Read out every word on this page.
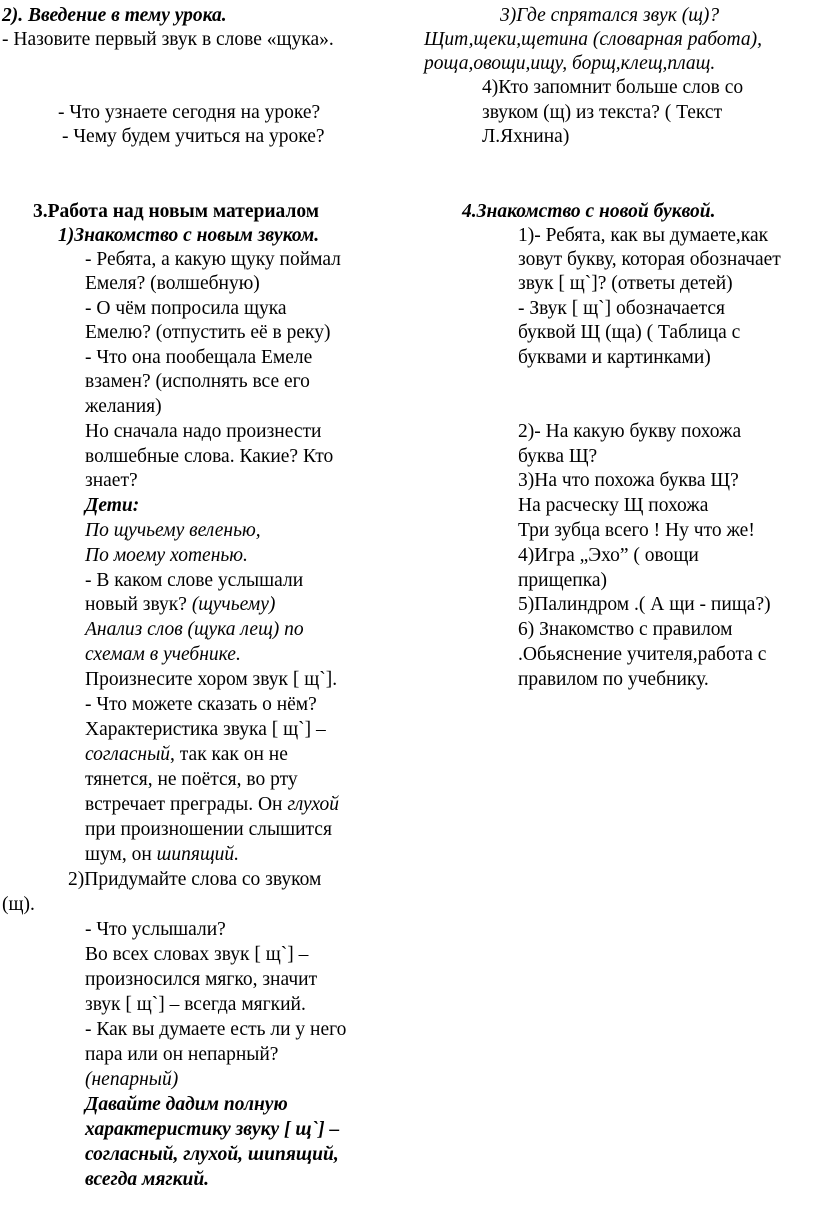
2). Введение в тему урока.
- Назовите первый звук в слове «щука».
- Что узнаете сегодня на уроке?
- Чему будем учиться на уроке?
3.Работа над новым материалом
1)Знакомство с новым звуком.
- Ребята, а какую щуку поймал
Емеля? (волшебную)
- О чём попросила щука
Емелю? (отпустить её в реку)
- Что она пообещала Емеле
взамен? (исполнять все его
желания)
Но сначала надо произнести
волшебные слова. Какие? Кто
знает?
Дети:
По щучьему веленью,
По моему хотенью.
- В каком слове услышали
новый звук? (щучьему)
Анализ слов (щука лещ) по
схемам в учебнике.
Произнесите хором звук [ щ`].
- Что можете сказать о нём?
Характеристика звука [ щ`] –
согласный, так как он не
тянется, не поётся, во рту
встречает преграды. Он глухой
при произношении слышится
шум, он шипящий.
2)Придумайте слова со звуком
(щ).
- Что услышали?
Во всех словах звук [ щ`] –
произносился мягко, значит
звук [ щ`] – всегда мягкий.
- Как вы думаете есть ли у него
пара или он непарный?
(непарный)
Давайте дадим полную
характеристику звуку [ щ`] –
согласный, глухой, шипящий,
всегда мягкий.
3)Где спрятался звук (щ)?
Щит,щеки,щетина (словарная работа),
роща,овощи,ищу, борщ,клещ,плащ.
4)Кто запомнит больше слов со
звуком (щ) из текста? ( Текст
Л.Яхнина)
4.Знакомство с новой буквой.
1)- Ребята, как вы думаете,как
зовут букву, которая обозначает
звук [ щ`]? (ответы детей)
- Звук [ щ`] обозначается
буквой Щ (ща) ( Таблица с
буквами и картинками)
2)- На какую букву похожа
буква Щ?
3)На что похожа буква Щ?
На расческу Щ похожа
Три зубца всего ! Ну что же!
4)Игра „Эхо” ( овощи
прищепка)
5)Палиндром .( А щи - пища?)
6) Знакомство с правилом
.Обьяснение учителя,работа с
правилом по учебнику.
